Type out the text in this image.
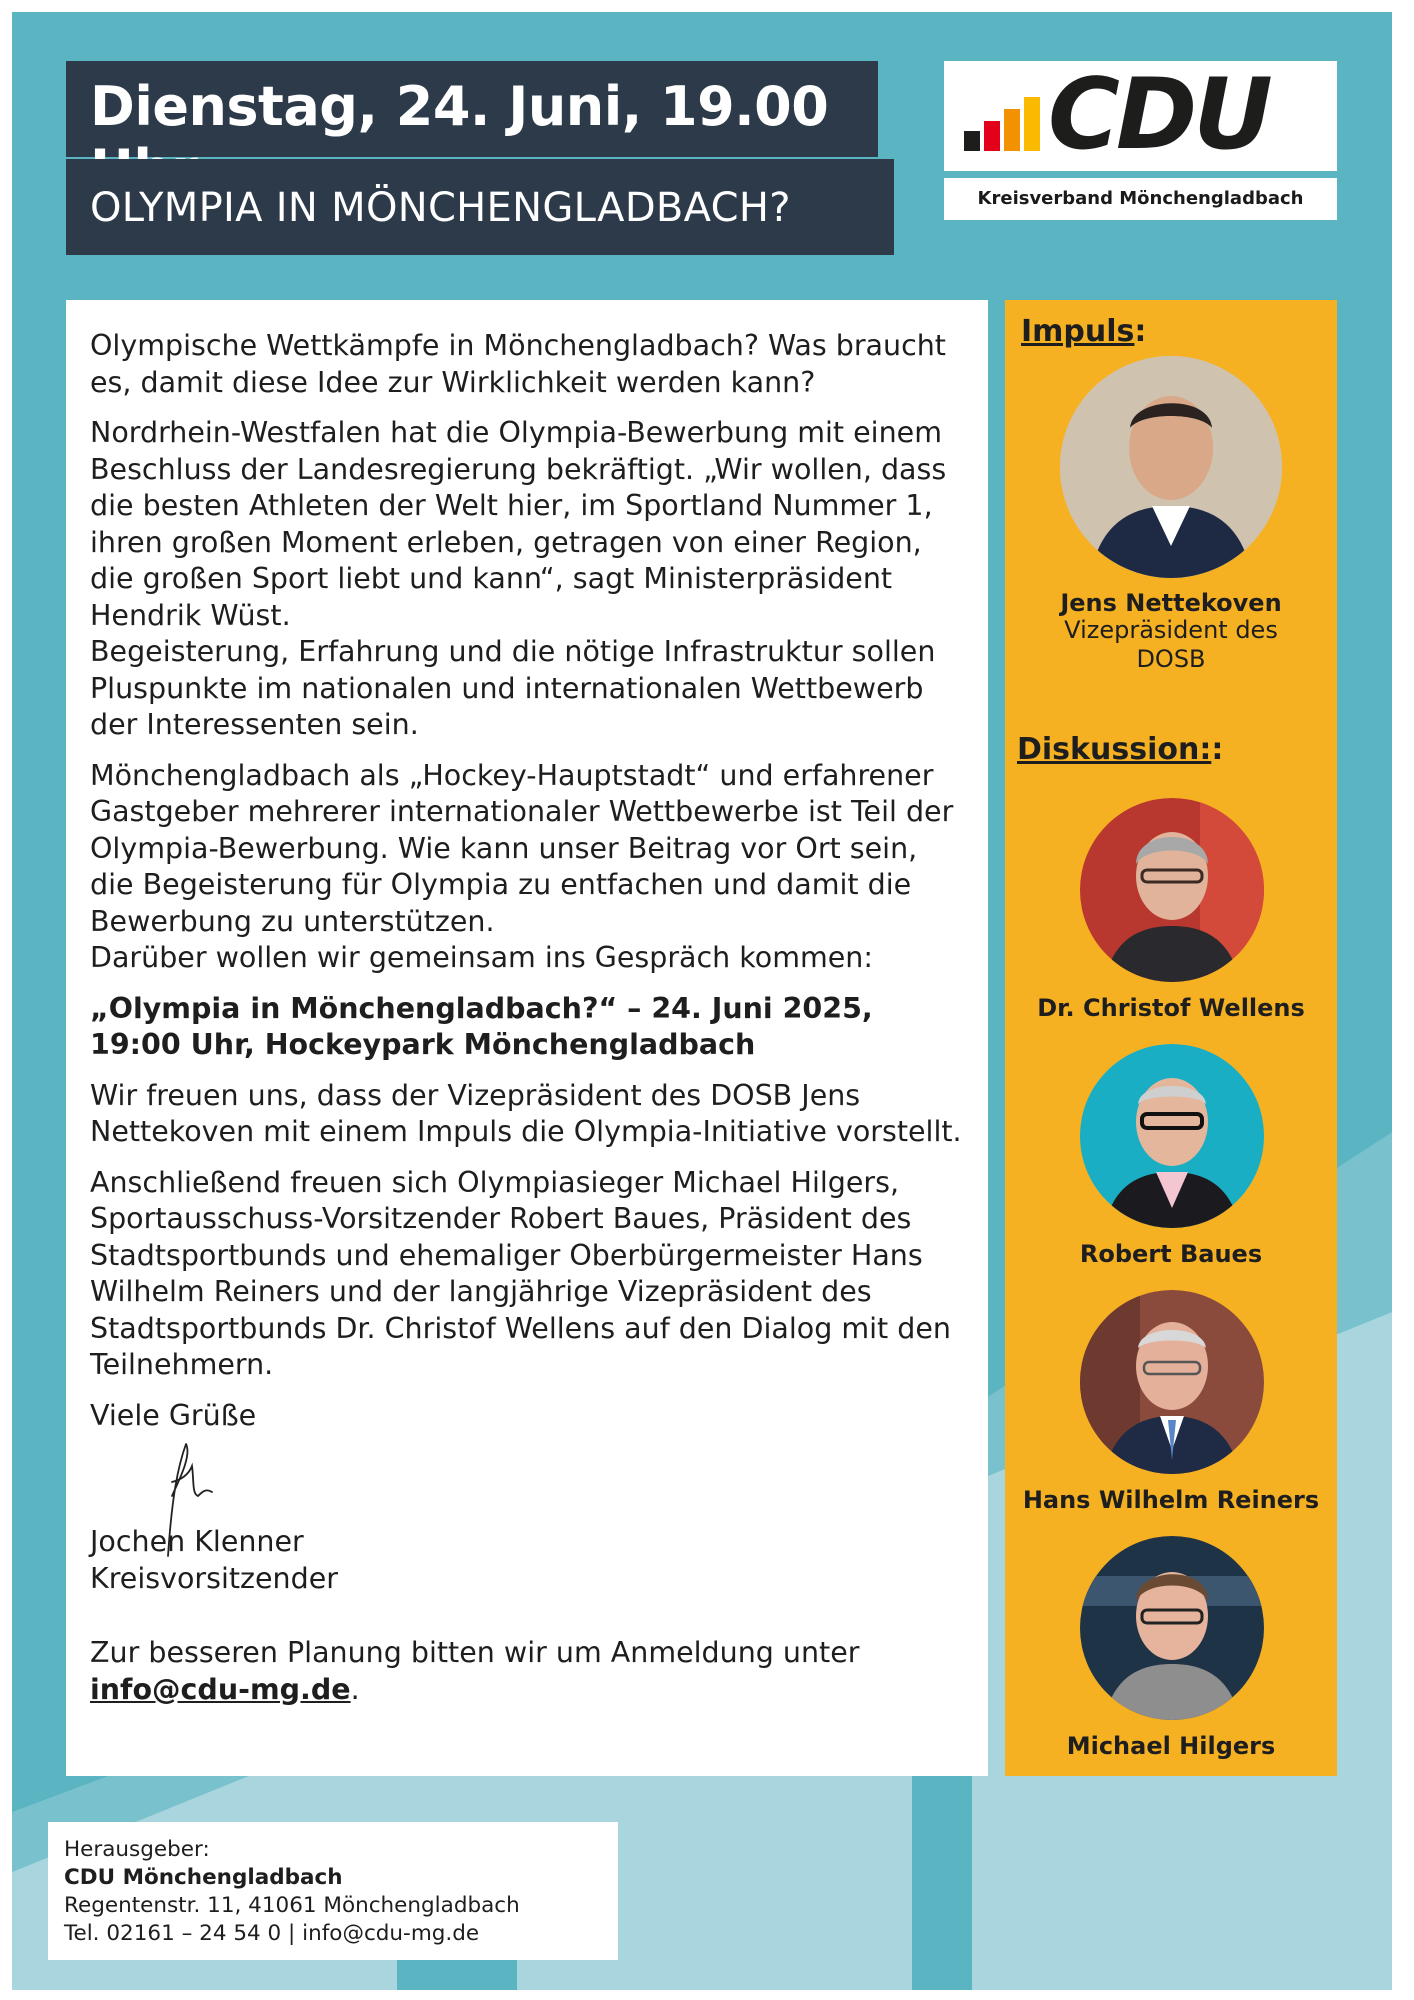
Dienstag, 24. Juni, 19.00
OLYMPIA IN MÖNCHENGLADBACH?
CDU
Kreisverband Mönchengladbach

Olympische Wettkämpfe in Mönchengladbach? Was braucht es, damit diese Idee zur Wirklichkeit werden kann?

Nordrhein-Westfalen hat die Olympia-Bewerbung mit einem Beschluss der Landesregierung bekräftigt. „Wir wollen, dass die besten Athleten der Welt hier, im Sportland Nummer 1, ihren großen Moment erleben, getragen von einer Region, die großen Sport liebt und kann“, sagt Ministerpräsident Hendrik Wüst.

Begeisterung, Erfahrung und die nötige Infrastruktur sollen Pluspunkte im nationalen und internationalen Wettbewerb der Interessenten sein.

Mönchengladbach als „Hockey-Hauptstadt“ und erfahrener Gastgeber mehrerer internationaler Wettbewerbe ist Teil der Olympia-Bewerbung. Wie kann unser Beitrag vor Ort sein, die Begeisterung für Olympia zu entfachen und damit die Bewerbung zu unterstützen.

Darüber wollen wir gemeinsam ins Gespräch kommen:

„Olympia in Mönchengladbach?“ – 24. Juni 2025,
19:00 Uhr, Hockeypark Mönchengladbach

Wir freuen uns, dass der Vizepräsident des DOSB Jens Nettekoven mit einem Impuls die Olympia-Initiative vorstellt.

Anschließend freuen sich Olympiasieger Michael Hilgers, Sportausschuss-Vorsitzender Robert Baues, Präsident des Stadtsportbunds und ehemaliger Oberbürgermeister Hans Wilhelm Reiners und der langjährige Vizepräsident des Stadtsportbunds Dr. Christof Wellens auf den Dialog mit den Teilnehmern.

Viele Grüße

Jochen Klenner

Kreisvorsitzender

Zur besseren Planung bitten wir um Anmeldung unter

info@cdu-mg.de.

Impuls:
Jens Nettekoven
Vizepräsident des
DOSB
Diskussion::
Dr. Christof Wellens
Robert Baues
Hans Wilhelm Reiners
Michael Hilgers
Herausgeber:
CDU Mönchengladbach
Regentenstr. 11, 41061 Mönchengladbach
Tel. 02161 – 24 54 0 | info@cdu-mg.de
